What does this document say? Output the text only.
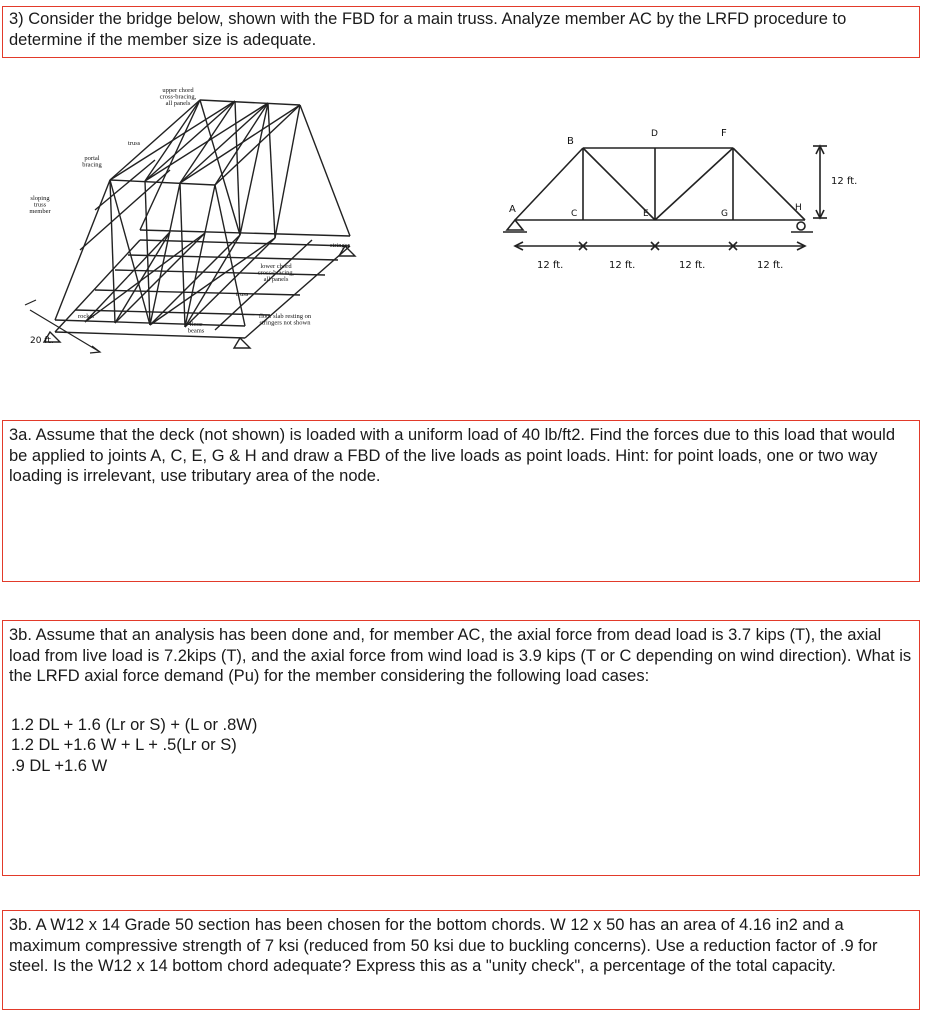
3) Consider the bridge below, shown with the FBD for a main truss. Analyze member AC by the LRFD procedure to determine if the member size is adequate.

upper chord cross-bracing, all panels
truss
portal bracing
sloping truss member
stringer
lower chord cross-bracing, all panels
truss
rocker
floor beams
floor slab resting on stringers not shown
20 ft.
A
B
C
D
E
F
G
H
12 ft.	12 ft.	12 ft.	12 ft.
12 ft.

3a. Assume that the deck (not shown) is loaded with a uniform load of 40 lb/ft2. Find the forces due to this load that would be applied to joints A, C, E, G & H and draw a FBD of the live loads as point loads. Hint: for point loads, one or two way loading is irrelevant, use tributary area of the node.

3b. Assume that an analysis has been done and, for member AC, the axial force from dead load is 3.7 kips (T), the axial load from live load is 7.2kips (T), and the axial force from wind load is 3.9 kips (T or C depending on wind direction). What is the LRFD axial force demand (Pu) for the member considering the following load cases:

1.2 DL + 1.6 (Lr or S) + (L or .8W)

1.2 DL +1.6 W + L + .5(Lr or S)

.9 DL +1.6 W

3b. A W12 x 14 Grade 50 section has been chosen for the bottom chords. W 12 x 50 has an area of 4.16 in2 and a maximum compressive strength of 7 ksi (reduced from 50 ksi due to buckling concerns). Use a reduction factor of .9 for steel. Is the W12 x 14 bottom chord adequate? Express this as a "unity check", a percentage of the total capacity.
